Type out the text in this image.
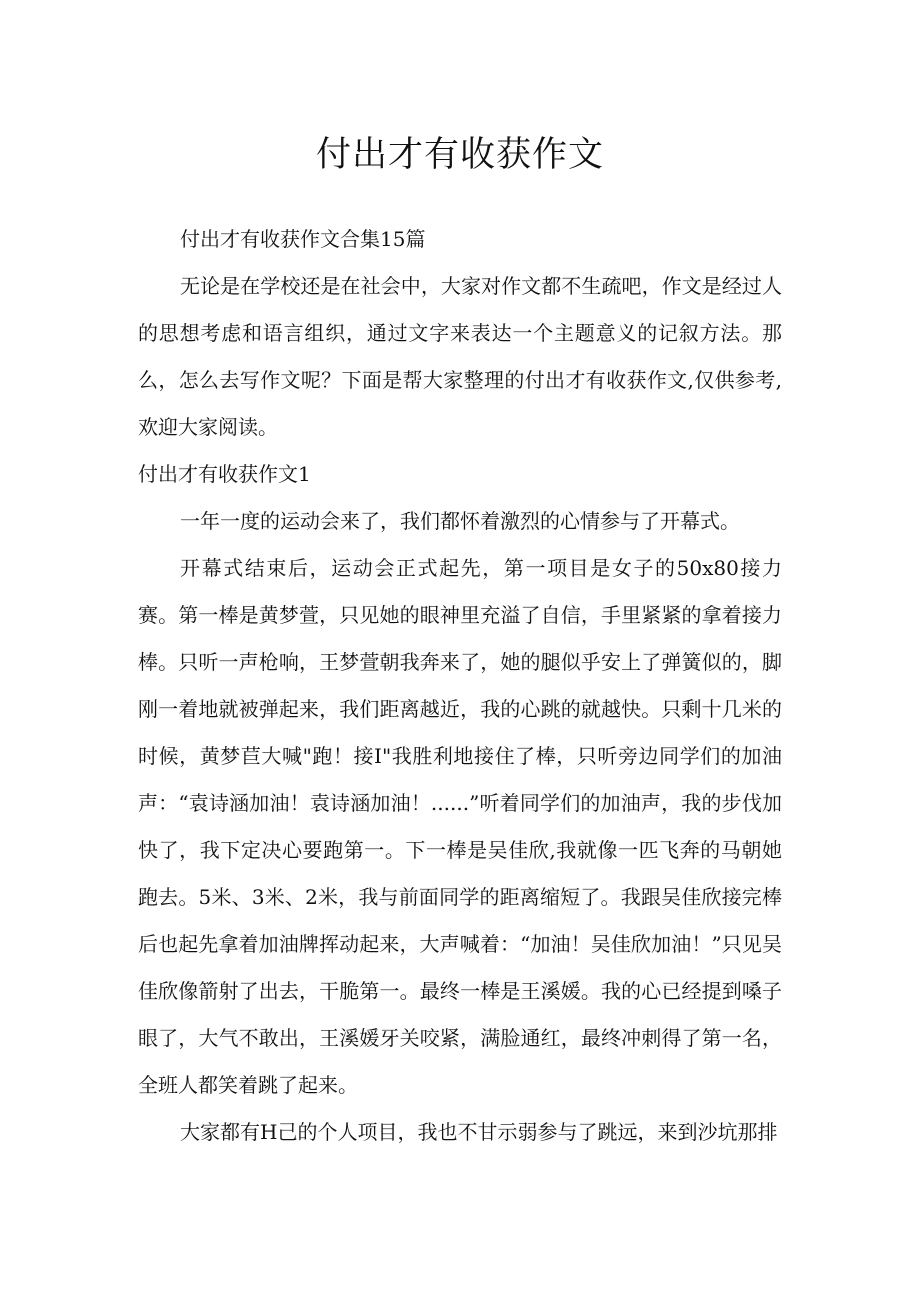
付出才有收获作文

付出才有收获作文合集15篇

无论是在学校还是在社会中，大家对作文都不生疏吧，作文是经过人的思想考虑和语言组织，通过文字来表达一个主题意义的记叙方法。那么，怎么去写作文呢？下面是帮大家整理的付出才有收获作文,仅供参考,欢迎大家阅读。

付出才有收获作文1

一年一度的运动会来了，我们都怀着激烈的心情参与了开幕式。

开幕式结束后，运动会正式起先，第一项目是女子的50x80接力赛。第一棒是黄梦萱，只见她的眼神里充溢了自信，手里紧紧的拿着接力棒。只听一声枪响，王梦萱朝我奔来了，她的腿似乎安上了弹簧似的，脚刚一着地就被弹起来，我们距离越近，我的心跳的就越快。只剩十几米的时候，黄梦苣大喊"跑！接I"我胜利地接住了棒，只听旁边同学们的加油声：“袁诗涵加油！袁诗涵加油！......”听着同学们的加油声，我的步伐加快了，我下定决心要跑第一。下一棒是吴佳欣,我就像一匹飞奔的马朝她跑去。5米、3米、2米，我与前面同学的距离缩短了。我跟吴佳欣接完棒后也起先拿着加油牌挥动起来，大声喊着：“加油！吴佳欣加油！”只见吴佳欣像箭射了出去，干脆第一。最终一棒是王溪媛。我的心已经提到嗓子眼了，大气不敢出，王溪媛牙关咬紧，满脸通红，最终冲刺得了第一名，全班人都笑着跳了起来。

大家都有H己的个人项目，我也不甘示弱参与了跳远，来到沙坑那排
